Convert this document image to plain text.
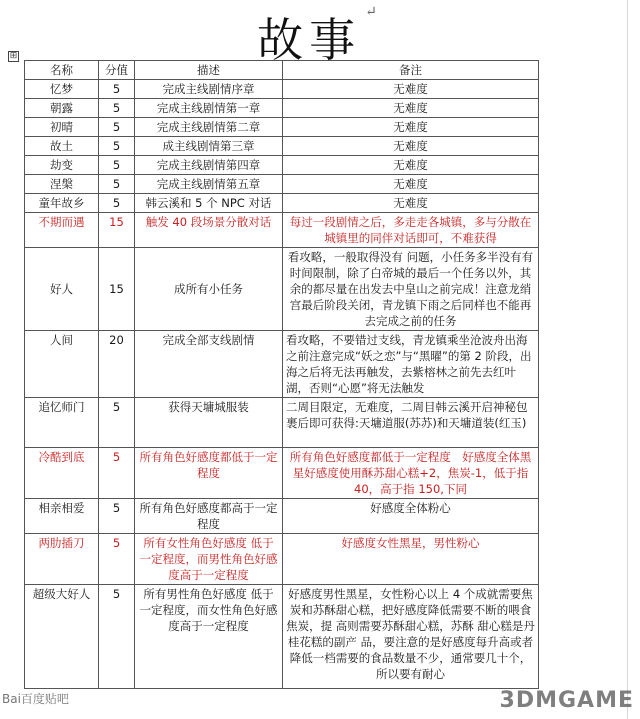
故事↵
⊞
名称	分值	描述	备注
忆梦	5	完成主线剧情序章	无难度
朝露	5	完成主线剧情第一章	无难度
初晴	5	完成主线剧情第二章	无难度
故土	5	成主线剧情第三章	无难度
劫变	5	完成主线剧情第四章	无难度
涅槃	5	完成主线剧情第五章	无难度
童年故乡	5	韩云溪和 5 个 NPC 对话	无难度
不期而遇	15	触发 40 段场景分散对话	每过一段剧情之后，多走走各城镇，多与分散在城镇里的同伴对话即可，不难获得
好人	15	成所有小任务	看攻略，一般取得没有 问题，小任务多半没有有时间限制，除了白帝城的最后一个任务以外，其余的都尽量在出发去中皇山之前完成！注意龙绡宫最后阶段关闭，青龙镇下雨之后同样也不能再去完成之前的任务
人间	20	完成全部支线剧情	看攻略，不要错过支线，青龙镇乘坐沧波舟出海之前注意完成“妖之恋”与“黑曜”的第 2 阶段，出海之后将无法再触发，去紫榕林之前先去红叶湖，否则“心愿”将无法触发
追忆师门	5	获得天墉城服装	二周目限定，无难度，二周目韩云溪开启神秘包裹后即可获得:天墉道服(苏苏)和天墉道装(红玉)
冷酷到底	5	所有角色好感度都低于一定程度	所有角色好感度都低于一定程度　好感度全体黑星好感度使用酥苏甜心糕+2，焦炭-1，低于指 40，高于指 150,下同
相亲相爱	5	所有角色好感度都高于一定程度	好感度全体粉心
两肋插刀	5	所有女性角色好感度 低于一定程度，而男性角色好感度高于一定程度	好感度女性黑星，男性粉心
超级大好人	5	所有男性角色好感度 低于一定程度，而女性角色好感度高于一定程度	好感度男性黑星，女性粉心以上 4 个成就需要焦炭和苏酥甜心糕，把好感度降低需要不断的喂食焦炭，提 高则需要苏酥甜心糕，苏酥 甜心糕是丹桂花糕的副产 品，要注意的是好感度每升高或者降低一档需要的食品数量不少，通常要几十个，所以要有耐心
Bai百度贴吧	3DMGAME
